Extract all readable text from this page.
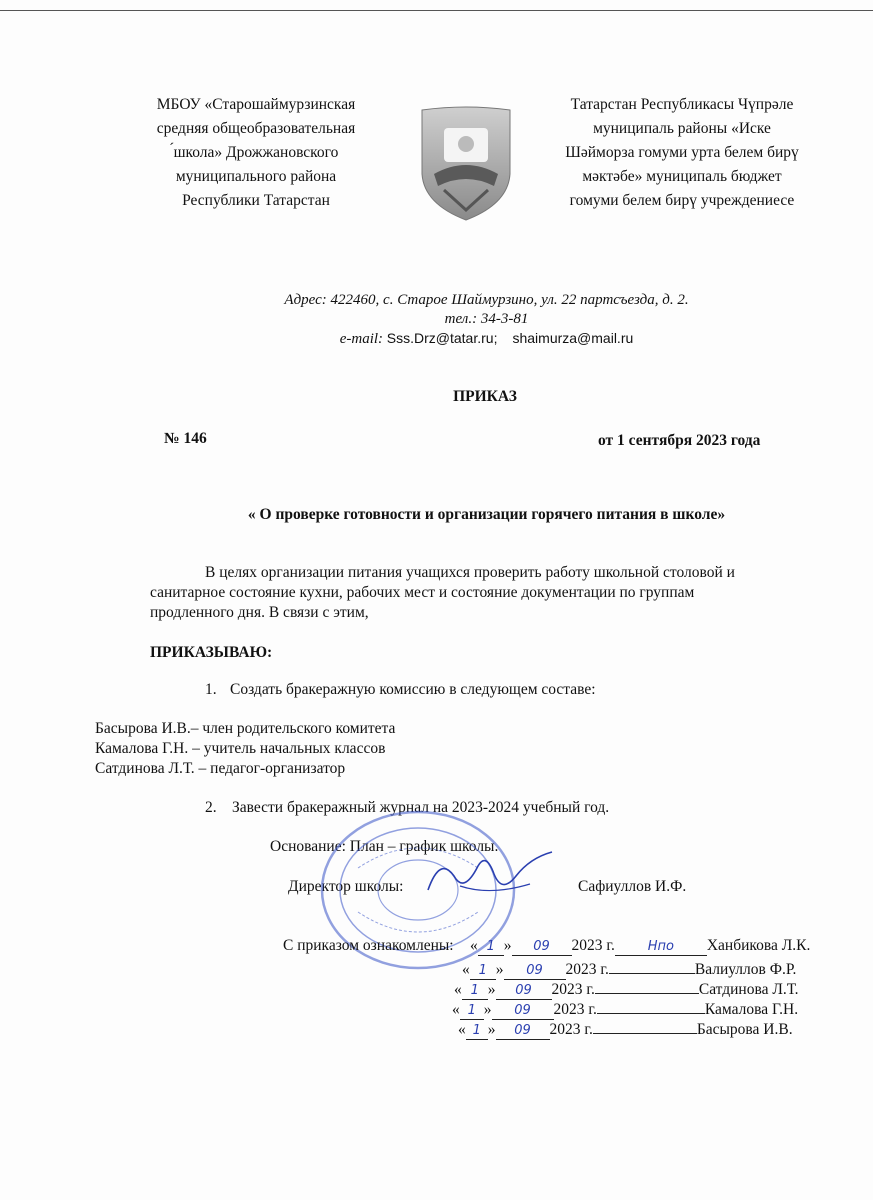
МБОУ «Старошаймурзинская
средняя общеобразовательная
́школа» Дрожжановского
муниципального района
Республики Татарстан
Татарстан Республикасы Чүпрәле
муниципаль районы «Иске
Шәйморза гомуми урта белем бирү
мәктәбе» муниципаль бюджет
гомуми белем бирү учреждениесе
Адрес: 422460, с. Старое Шаймурзино, ул. 22 партсъезда, д. 2.
тел.: 34-3-81
e-mail: Sss.Drz@tatar.ru; shaimurza@mail.ru
ПРИКАЗ
№ 146	от 1 сентября 2023 года
« О проверке готовности и организации горячего питания в школе»
В целях организации питания учащихся проверить работу школьной столовой и
санитарное состояние кухни, рабочих мест и состояние документации по группам
продленного дня. В связи с этим,
ПРИКАЗЫВАЮ:
1. Создать бракеражную комиссию в следующем составе:
Басырова И.В.– член родительского комитета
Камалова Г.Н. – учитель начальных классов
Сатдинова Л.Т. – педагог-организатор
2. Завести бракеражный журнал на 2023-2024 учебный год.
Основание: План – график школы.
Директор школы:	Сафиуллов И.Ф.
С приказом ознакомлены: « 1 » 09 2023 г.	Нпо Ханбикова Л.К.
« 1 » 09 2023 г.	Валиуллов Ф.Р.
« 1 » 09 2023 г.	Сатдинова Л.Т.
« 1 » 09 2023 г.	Камалова Г.Н.
« 1 » 09 2023 г.	Басырова И.В.
